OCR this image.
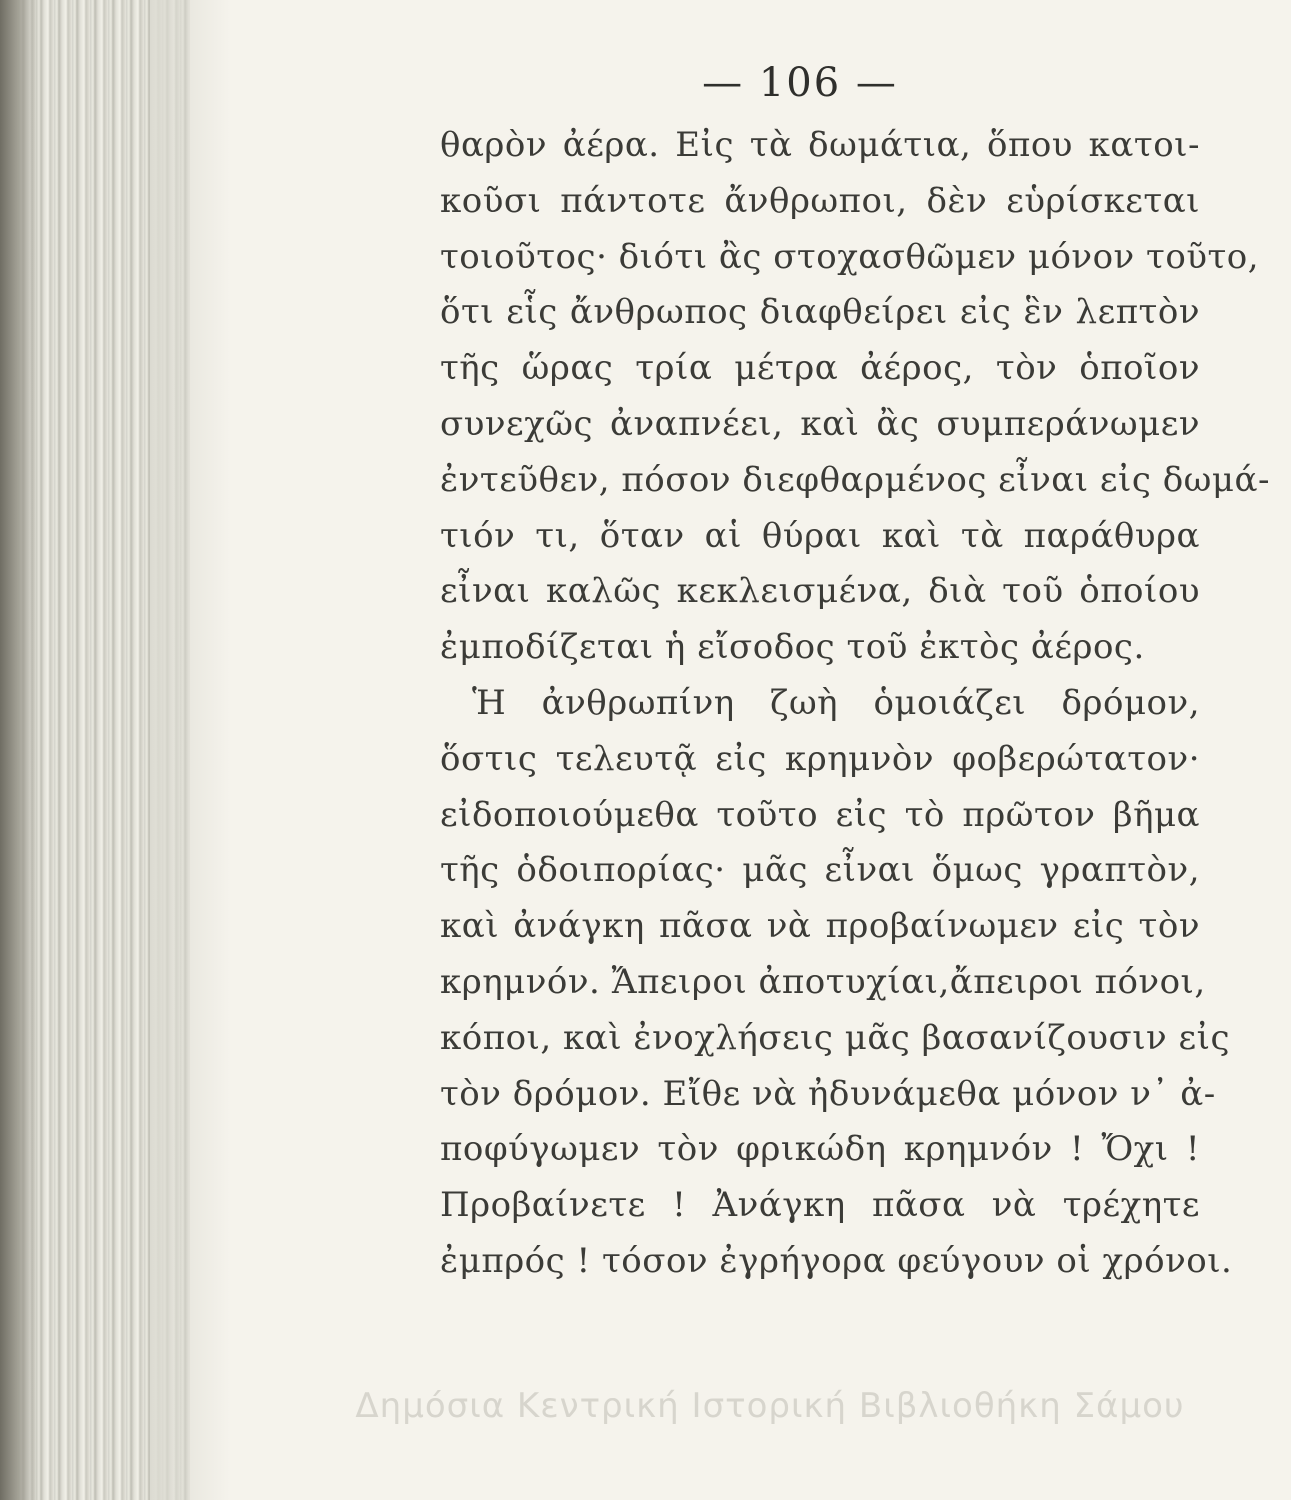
— 106 —
θαρὸν ἀέρα. Εἰς τὰ δωμάτια, ὅπου κατοι-
κοῦσι πάντοτε ἄνθρωποι, δὲν εὑρίσκεται
τοιοῦτος· διότι ἂς στοχασθῶμεν μόνον τοῦτο,
ὅτι εἷς ἄνθρωπος διαφθείρει εἰς ἓν λεπτὸν
τῆς ὥρας τρία μέτρα ἀέρος, τὸν ὁποῖον
συνεχῶς ἀναπνέει, καὶ ἂς συμπεράνωμεν
ἐντεῦθεν, πόσον διεφθαρμένος εἶναι εἰς δωμά-
τιόν τι, ὅταν αἱ θύραι καὶ τὰ παράθυρα
εἶναι καλῶς κεκλεισμένα, διὰ τοῦ ὁποίου
ἐμποδίζεται ἡ εἴσοδος τοῦ ἐκτὸς ἀέρος.
Ἡ ἀνθρωπίνη ζωὴ ὁμοιάζει δρόμον,
ὅστις τελευτᾷ εἰς κρημνὸν φοβερώτατον·
εἰδοποιούμεθα τοῦτο εἰς τὸ πρῶτον βῆμα
τῆς ὁδοιπορίας· μᾶς εἶναι ὅμως γραπτὸν,
καὶ ἀνάγκη πᾶσα νὰ προβαίνωμεν εἰς τὸν
κρημνόν. Ἄπειροι ἀποτυχίαι,ἄπειροι πόνοι,
κόποι, καὶ ἐνοχλήσεις μᾶς βασανίζουσιν εἰς
τὸν δρόμον. Εἴθε νὰ ἠδυνάμεθα μόνον ν᾽ ἀ-
ποφύγωμεν τὸν φρικώδη κρημνόν ! Ὄχι !
Προβαίνετε ! Ἀνάγκη πᾶσα νὰ τρέχητε
ἐμπρός ! τόσον ἐγρήγορα φεύγουν οἱ χρόνοι.
Δημόσια Κεντρική Ιστορική Βιβλιοθήκη Σάμου
